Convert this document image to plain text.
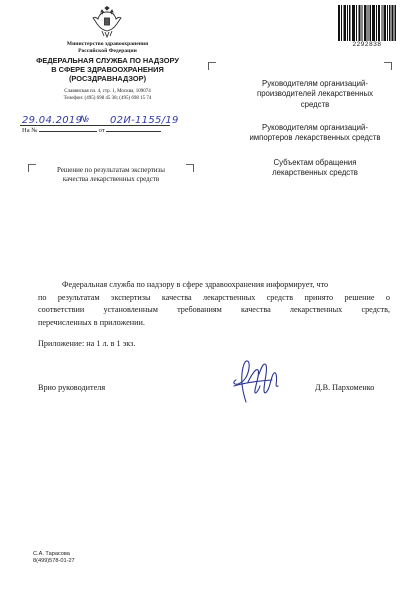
Министерство здравоохранения
Российской Федерации
ФЕДЕРАЛЬНАЯ СЛУЖБА ПО НАДЗОРУ
В СФЕРЕ ЗДРАВООХРАНЕНИЯ
(РОСЗДРАВНАДЗОР)
Славянская пл. 4, стр. 1, Москва, 109074
Телефон: (495) 698 45 38; (495) 698 15 74
29.04.2019
№ 02И-1155/19
На №	от
Решение по результатам экспертизы
качества лекарственных средств
2292838
Руководителям организаций-
производителей лекарственных
средств
Руководителям организаций-
импортеров лекарственных средств
Субъектам обращения
лекарственных средств
Федеральная служба по надзору в сфере здравоохранения информирует, что
по результатам экспертизы качества лекарственных средств принято решение о
соответствии установленным требованиям качества лекарственных средств,
перечисленных в приложении.
Приложение: на 1 л. в 1 экз.
Врио руководителя	Д.В. Пархоменко
С.А. Тарасова
8(499)578-01-27
